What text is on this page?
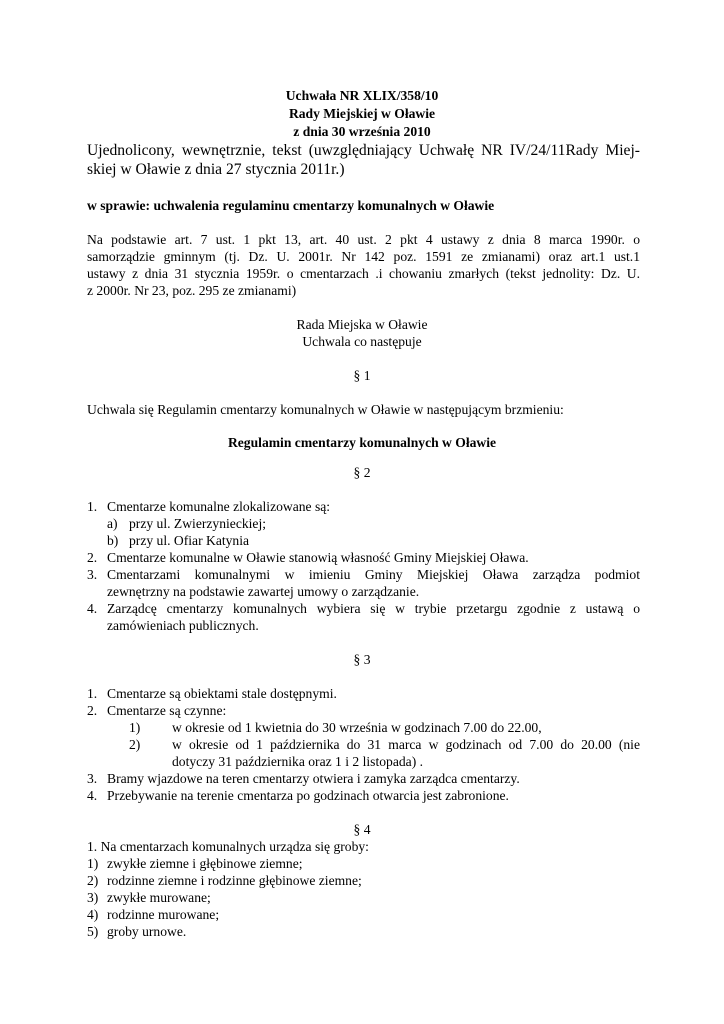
Uchwała NR XLIX/358/10
Rady Miejskiej w Oławie
z dnia 30 września 2010
Ujednolicony, wewnętrznie, tekst (uwzględniający Uchwałę NR IV/24/11Rady Miej-
skiej w Oławie z dnia 27 stycznia 2011r.)
w sprawie: uchwalenia regulaminu cmentarzy komunalnych w Oławie
Na podstawie art. 7 ust. 1 pkt 13, art. 40 ust. 2 pkt 4 ustawy z dnia 8 marca 1990r. o
samorządzie gminnym (tj. Dz. U. 2001r. Nr 142 poz. 1591 ze zmianami) oraz art.1 ust.1
ustawy z dnia 31 stycznia 1959r. o cmentarzach .i chowaniu zmarłych (tekst jednolity: Dz. U.
z 2000r. Nr 23, poz. 295 ze zmianami)
Rada Miejska w Oławie
Uchwala co następuje
§ 1
Uchwala się Regulamin cmentarzy komunalnych w Oławie w następującym brzmieniu:
Regulamin cmentarzy komunalnych w Oławie
§ 2
1. Cmentarze komunalne zlokalizowane są:
a) przy ul. Zwierzynieckiej;
b) przy ul. Ofiar Katynia
2. Cmentarze komunalne w Oławie stanowią własność Gminy Miejskiej Oława.
3. Cmentarzami komunalnymi w imieniu Gminy Miejskiej Oława zarządza podmiot
zewnętrzny na podstawie zawartej umowy o zarządzanie.
4. Zarządcę cmentarzy komunalnych wybiera się w trybie przetargu zgodnie z ustawą o
zamówieniach publicznych.
§ 3
1. Cmentarze są obiektami stale dostępnymi.
2. Cmentarze są czynne:
1) w okresie od 1 kwietnia do 30 września w godzinach 7.00 do 22.00,
2) w okresie od 1 października do 31 marca w godzinach od 7.00 do 20.00 (nie
dotyczy 31 października oraz 1 i 2 listopada) .
3. Bramy wjazdowe na teren cmentarzy otwiera i zamyka zarządca cmentarzy.
4. Przebywanie na terenie cmentarza po godzinach otwarcia jest zabronione.
§ 4
1. Na cmentarzach komunalnych urządza się groby:
1) zwykłe ziemne i głębinowe ziemne;
2) rodzinne ziemne i rodzinne głębinowe ziemne;
3) zwykłe murowane;
4) rodzinne murowane;
5) groby urnowe.
